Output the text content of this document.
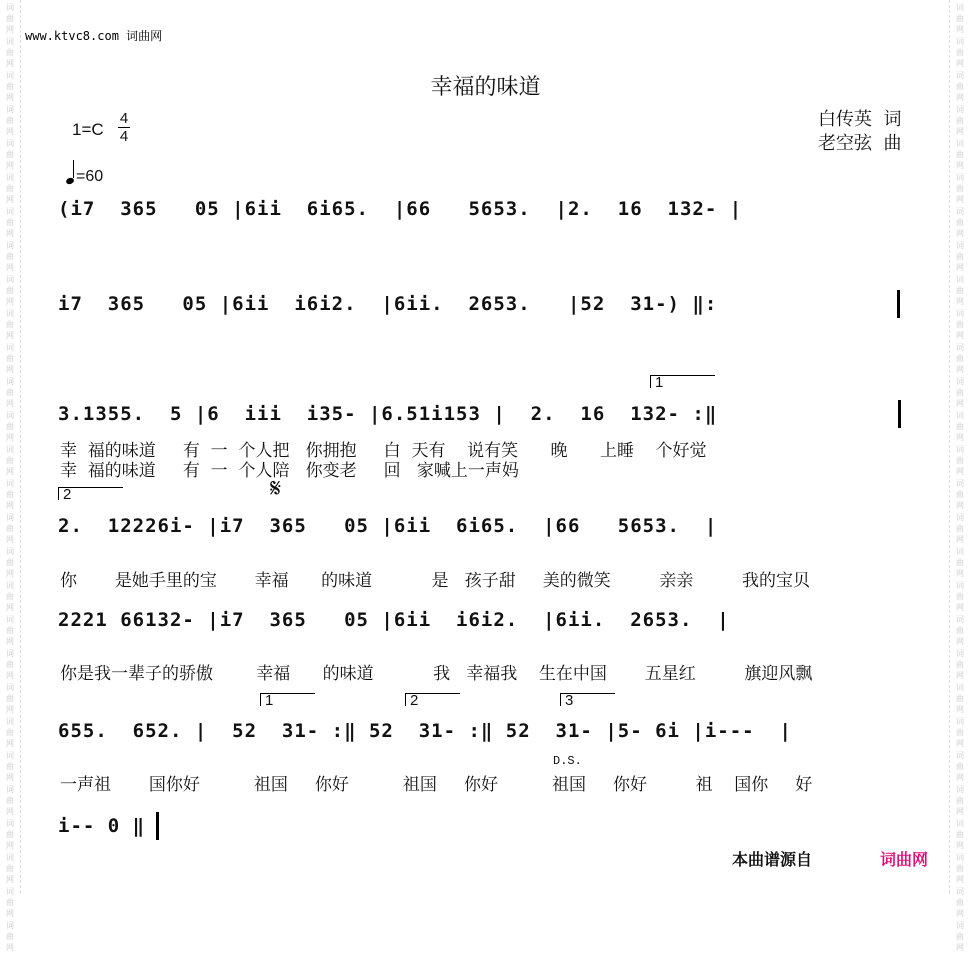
词
曲
网
词
曲
网
词
曲
网
词
曲
网
词
曲
网
词
曲
网
词
曲
网
词
曲
网
词
曲
网
词
曲
网
词
曲
网
词
曲
网
词
曲
网
词
曲
网
词
曲
网
词
曲
网
词
曲
网
词
曲
网
词
曲
网
词
曲
网
词
曲
网
词
曲
网
词
曲
网
词
曲
网
词
曲
网
词
曲
网
词
曲
网
词
曲
网
词
曲
网
词
曲
网
词
曲
网
词
曲
网
词
曲
网
词
曲
网
词
曲
网
词
曲
网
词
曲
网
词
曲
网
词
曲
网
词
曲
网
词
曲
网
词
曲
网
词
曲
网
词
曲
网
词
曲
网
词
曲
网
词
曲
网
词
曲
网
词
曲
网
词
曲
网
词
曲
网
词
曲
网
词
曲
网
词
曲
网
词
曲
网
词
曲
网
www.ktvc8.com 词曲网
幸福的味道
1=C
4
4
=60
白传英  词
老空弦  曲
(i7  365   05 |6ii  6i65.  |66   5653.  |2.  16  132- |
i7  365   05 |6ii  i6i2.  |6ii.  2653.   |52  31-) ‖:
3.1355.  5 |6  iii  i35- |6.51i153 |  2.  16  132- :‖
幸  福的味道     有  一  个人把   你拥抱     白  天有    说有笑      晚      上睡    个好觉
幸  福的味道     有  一  个人陪   你变老     回   家喊上一声妈
𝄋
2.  12226i- |i7  365   05 |6ii  6i65.  |66   5653.  |
你       是她手里的宝       幸福      的味道           是   孩子甜     美的微笑         亲亲         我的宝贝
2221 66132- |i7  365   05 |6ii  i6i2.  |6ii.  2653.  |
你是我一辈子的骄傲        幸福      的味道           我   幸福我    生在中国       五星红         旗迎风飘
655.  652. |  52  31- :‖ 52  31- :‖ 52  31- |5- 6i |i---  |
D.S.
一声祖       国你好          祖国     你好          祖国     你好          祖国     你好         祖    国你     好
i-- 0 ‖
1
2
1	2	3
本曲谱源自	词曲网
